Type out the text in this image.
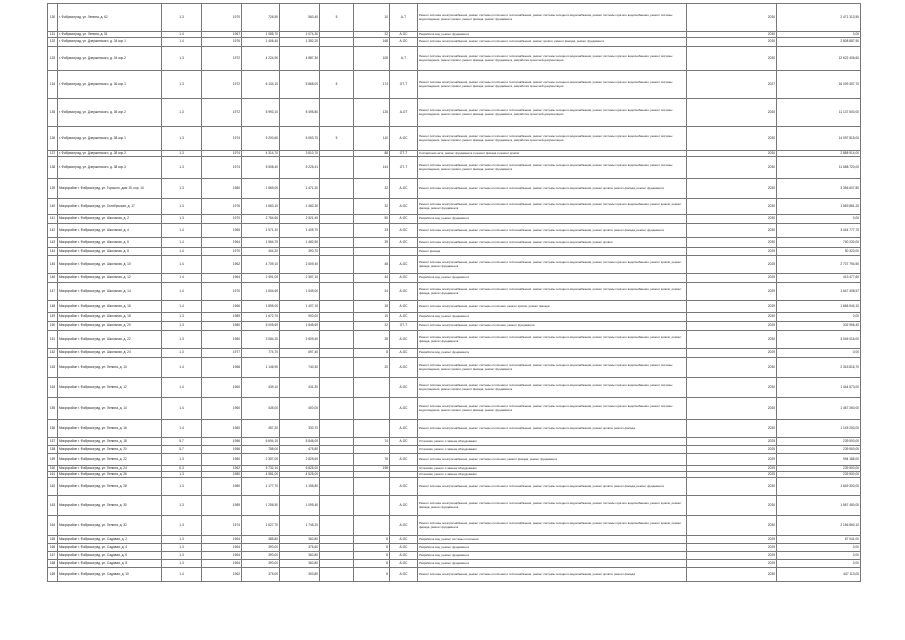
130	г. Фабрикоград, ул. Ленина, д. 62	1.3	1970	726,50	560,40	5	10	А-Т	Ремонт системы электроснабжения, ремонт системы отопления и теплоснабжения, ремонт системы холодного водоснабжения, ремонт системы горячего водоснабжения, ремонт системы водоотведения, ремонт кровли, ремонт фасада, ремонт фундамента	2030	2 471 313,50
131	г. Фабрикоград, ул. Ленина, д. 51	1.4	1967	1 085,70	1 074,30		22	А-ОС	Разработка вод, ремонт фундамента	2030	0,00
132	г. Фабрикоград, ул. Дзержинского, д. 34 кор.1	1.4	1976	1 406,40	1 382,20		168	А-ОС	Ремонт системы электроснабжения, ремонт системы отопления и теплоснабжения, ремонт кровли, ремонт фасада, ремонт фундамента	2030	2 808 887,50
133	г. Фабрикоград, ул. Дзержинского, д. 34 кор.2	1.3	1972	4 224,90	4 887,30		105	А-Т	Ремонт системы электроснабжения, ремонт системы отопления и теплоснабжения, ремонт системы холодного водоснабжения, ремонт системы горячего водоснабжения, ремонт системы водоотведения, ремонт кровли, ремонт фасада, ремонт фундамента, разработка проектной документации	2030	12 622 406,60
134	г. Фабрикоград, ул. Дзержинского, д. 36 кор.1	1.3	1972	6 104,10	5 868,00	5	174	ОТ-Т	Ремонт системы электроснабжения, ремонт системы отопления и теплоснабжения, ремонт системы холодного водоснабжения, ремонт системы горячего водоснабжения, ремонт системы водоотведения, ремонт кровли, ремонт фасада, ремонт фундамента, разработка проектной документации	2027	16 009 357,70
135	г. Фабрикоград, ул. Дзержинского, д. 36 кор.2	1.3	1972	5 993,10	5 495,80		126	А-ОТ	Ремонт системы электроснабжения, ремонт системы отопления и теплоснабжения, ремонт системы холодного водоснабжения, ремонт системы горячего водоснабжения, ремонт системы водоотведения, ремонт кровли, ремонт фасада, ремонт фундамента, разработка проектной документации	2030	11 137 600,00
136	г. Фабрикоград, ул. Дзержинского, д. 38 кор.1	1.3	1974	5 200,60	5 063,70	5	110	А-ОС	Ремонт системы электроснабжения, ремонт системы отопления и теплоснабжения, ремонт системы холодного водоснабжения, ремонт системы горячего водоснабжения, ремонт системы водоотведения, ремонт кровли, ремонт фасада, ремонт фундамента, разработка проектной документации	2030	14 097 815,00
137	г. Фабрикоград, ул. Дзержинского, д. 38 кор.2	1.3	1974	4 314,70	3 810,70		88	ОТ-Т	Составление акта, ремонт фундамента и ремонт фасада и ремонт кровли	2030	2 888 914,00
138	г. Фабрикоград, ул. Дзержинского, д. 38 кор.3	1.3	1974	5 508,40	5 225,41		144	ОТ-Т	Ремонт системы электроснабжения, ремонт системы отопления и теплоснабжения, ремонт системы холодного водоснабжения, ремонт системы горячего водоснабжения, ремонт системы водоотведения, ремонт кровли, ремонт фасада, ремонт фундамента	2030	11 658 720,00
139	Микрорайон г. Фабрикоград, ул. Горького, дом 15, кор. 10	1.3	1980	1 569,00	1 471,20		32	А-ОС	Ремонт системы электроснабжения, ремонт системы отопления и теплоснабжения, ремонт системы холодного водоснабжения, ремонт кровли, ремонт фасада, ремонт фундамента	2030	3 356 607,80
140	Микрорайон г. Фабрикоград, ул. Октябрьская, д. 17	1.3	1976	1 660,10	1 482,30		32	А-ОС	Ремонт системы электроснабжения, ремонт системы отопления и теплоснабжения, ремонт системы холодного водоснабжения, ремонт системы горячего водоснабжения, ремонт кровли, ремонт фасада, ремонт фундамента	2030	1 569 881,20
141	Микрорайон г. Фабрикоград, ул. Школьная, д. 2	1.3	1970	2 764,60	2 521,40		50	А-ОС	Разработка вод, ремонт фундамента	2030	0,00
142	Микрорайон г. Фабрикоград, ул. Школьная, д. 4	1.4	1965	1 571,10	1 405,70		23	А-ОС	Ремонт системы электроснабжения, ремонт системы отопления и теплоснабжения, ремонт системы холодного водоснабжения, ремонт кровли, ремонт фасада, ремонт фундамента	2030	3 444 777,70
143	Микрорайон г. Фабрикоград, ул. Школьная, д. 6	1.4	1964	1 564,70	1 482,90		29	А-ОС	Ремонт системы электроснабжения, ремонт системы отопления и теплоснабжения, ремонт системы холодного водоснабжения, ремонт кровли	2030	700 230,00
144	Микрорайон г. Фабрикоград, ул. Школьная, д. 8	1.4	1970	404,20	390,70				Ремонт фасада	2025	50 320,00
145	Микрорайон г. Фабрикоград, ул. Школьная, д. 10	1.4	1962	4 709,10	2 609,40		48	А-ОС	Ремонт системы электроснабжения, ремонт системы отопления и теплоснабжения, ремонт системы холодного водоснабжения, ремонт системы горячего водоснабжения, ремонт кровли, ремонт фасада, ремонт фундамента	2025	2 737 794,50
146	Микрорайон г. Фабрикоград, ул. Школьная, д. 12	1.4	1964	2 491,00	2 367,10		44	А-ОС	Разработка вод, ремонт фундамента	2025	413 477,60
147	Микрорайон г. Фабрикоград, ул. Школьная, д. 14	1.4	1970	1 604,60	1 549,00		24	А-ОС	Ремонт системы электроснабжения, ремонт системы отопления и теплоснабжения, ремонт системы холодного водоснабжения, ремонт системы горячего водоснабжения, ремонт кровли, ремонт фасада, ремонт фундамента	2029	1 647 408,57
148	Микрорайон г. Фабрикоград, ул. Школьная, д. 16	1.4	1966	1 895,00	1 407,10		18	А-ОС	Ремонт системы электроснабжения, ремонт системы отопления, ремонт кровли, ремонт фасада	2029	1 666 544,10
149	Микрорайон г. Фабрикоград, ул. Школьная, д. 18	1.3	1989	1 672,70	900,00		10	А-ОС	Разработка вод, ремонт фундамента	2030	0,00
150	Микрорайон г. Фабрикоград, ул. Школьная, д. 20	1.3	1980	5 005,60	1 845,60		22	ОТ-Т	Ремонт системы электроснабжения, ремонт системы отопления, ремонт фундамента	2025	332 956,40
151	Микрорайон г. Фабрикоград, ул. Школьная, д. 22	1.3	1980	3 084,20	2 609,40		28	А-ОС	Ремонт системы электроснабжения, ремонт системы отопления и теплоснабжения, ремонт системы холодного водоснабжения, ремонт системы горячего водоснабжения, ремонт кровли, ремонт фасада, ремонт фундамента	2030	3 046 016,00
152	Микрорайон г. Фабрикоград, ул. Школьная, д. 24	1.3	1977	774,70	697,40		8	А-ОС	Разработка вод, ремонт фундамента	2029	0,00
153	Микрорайон г. Фабрикоград, ул. Ленина, д. 10	1.4	1968	1 146,90	740,30		20	А-ОС	Ремонт системы электроснабжения, ремонт системы отопления и теплоснабжения, ремонт системы холодного водоснабжения, ремонт системы горячего водоснабжения, ремонт системы водоотведения, ремонт кровли, ремонт фасада, ремонт фундамента	2030	2 343 816,70
154	Микрорайон г. Фабрикоград, ул. Ленина, д. 12	1.4	1960	439,10	431,30			А-ОС	Ремонт системы электроснабжения, ремонт системы отопления и теплоснабжения, ремонт системы холодного водоснабжения, ремонт системы горячего водоснабжения, ремонт системы водоотведения, ремонт кровли, ремонт фасада, ремонт фундамента	2030	1 444 573,00
155	Микрорайон г. Фабрикоград, ул. Ленина, д. 14	1.4	1960	435,00	400,00			А-ОС	Ремонт системы электроснабжения, ремонт системы отопления и теплоснабжения, ремонт системы холодного водоснабжения, ремонт системы горячего водоснабжения, ремонт системы водоотведения, ремонт кровли, ремонт фасада, ремонт фундамента	2030	1 467 260,00
156	Микрорайон г. Фабрикоград, ул. Ленина, д. 16	1.4	1960	457,20	330,70			А-ОС	Ремонт системы электроснабжения, ремонт системы отопления и теплоснабжения, ремонт системы холодного водоснабжения, ремонт кровли, ремонт фасада	2030	1 145 253,00
157	Микрорайон г. Фабрикоград, ул. Ленина, д. 18	5.7	1956	6 694,10	5 846,00		74	А-ОС	Установка, ремонт и замена оборудования	2025	239 500,00
158	Микрорайон г. Фабрикоград, ул. Ленина, д. 20	5.7	1956	788,00	475,80				Установка, ремонт и замена оборудования	2025	239 500,00
159	Микрорайон г. Фабрикоград, ул. Ленина, д. 22	1.3	1980	2 357,00	2 825,60		76	А-ОС	Ремонт системы электроснабжения, ремонт системы отопления, ремонт фасада, ремонт фундамента	2029	994 185,00
160	Микрорайон г. Фабрикоград, ул. Ленина, д. 24	6.3	1962	5 732,10	6 825,00		198		Установка, ремонт и замена оборудования	2025	239 500,00
161	Микрорайон г. Фабрикоград, ул. Ленина, д. 26	1.3	1980	4 581,00	4 525,00				Установка, ремонт и замена оборудования	2025	239 500,00
162	Микрорайон г. Фабрикоград, ул. Ленина, д. 28	1.3	1980	1 177,70	1 155,80			А-ОС	Ремонт системы электроснабжения, ремонт системы отопления и теплоснабжения, ремонт системы холодного водоснабжения, ремонт кровли, ремонт фасада, ремонт фундамента	2030	1 649 300,00
163	Микрорайон г. Фабрикоград, ул. Ленина, д. 30	1.3	1989	1 256,50	1 095,40			А-ОС	Ремонт системы электроснабжения, ремонт системы отопления и теплоснабжения, ремонт системы холодного водоснабжения, ремонт системы горячего водоснабжения, ремонт кровли, ремонт фасада, ремонт фундамента	2030	1 567 450,00
164	Микрорайон г. Фабрикоград, ул. Ленина, д. 32	1.3	1974	1 627,70	1 745,20			А-ОС	Ремонт системы электроснабжения, ремонт системы отопления и теплоснабжения, ремонт системы холодного водоснабжения, ремонт системы горячего водоснабжения, ремонт кровли, ремонт фасада, ремонт фундамента	2030	2 156 560,10
165	Микрорайон г. Фабрикоград, ул. Садовая, д. 2	1.3	1964	385,80	360,80		8	А-ОС	Разработка вод, ремонт системы отопления	2025	67 041,00
166	Микрорайон г. Фабрикоград, ул. Садовая, д. 4	1.3	1964	390,00	376,60		8	А-ОС	Разработка вод, ремонт фундамента	2025	0,00
167	Микрорайон г. Фабрикоград, ул. Садовая, д. 6	1.3	1964	390,00	360,80		8	А-ОС	Разработка вод, ремонт фундамента	2025	0,00
168	Микрорайон г. Фабрикоград, ул. Садовая, д. 8	1.3	1964	390,00	360,80		8	А-ОС	Разработка вод, ремонт фундамента	2025	0,00
169	Микрорайон г. Фабрикоград, ул. Садовая, д. 10	1.4	1962	375,00	300,80		8	А-ОС	Ремонт системы электроснабжения, ремонт системы отопления и теплоснабжения, ремонт системы холодного водоснабжения, ремонт кровли, ремонт фасада	2030	447 113,00
